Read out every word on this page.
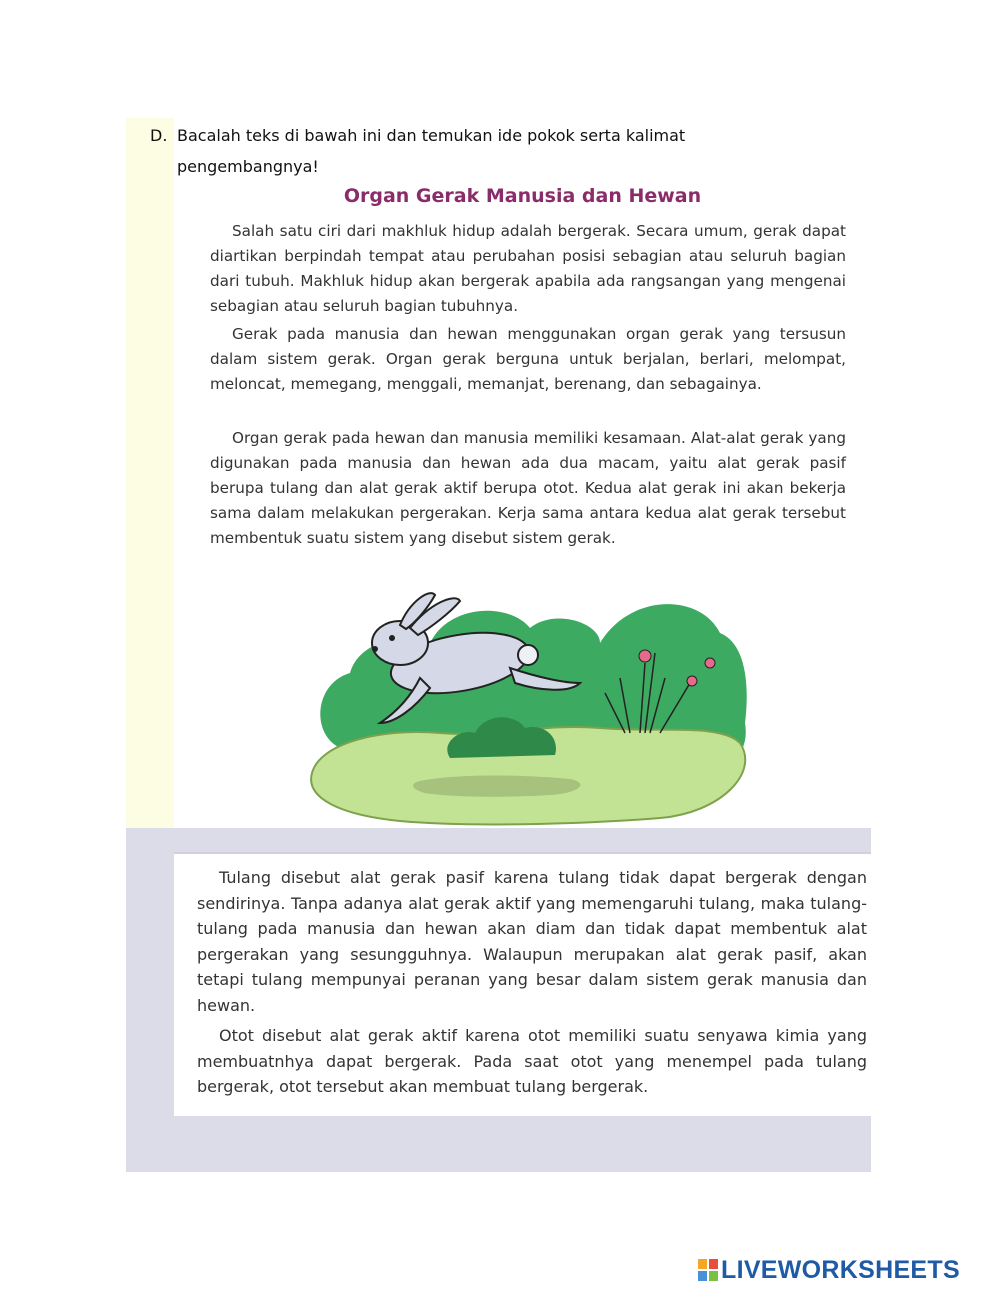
D. Bacalah teks di bawah ini dan temukan ide pokok serta kalimat
pengembangnya!
Organ Gerak Manusia dan Hewan

Salah satu ciri dari makhluk hidup adalah bergerak. Secara umum, gerak dapat diartikan berpindah tempat atau perubahan posisi sebagian atau seluruh bagian dari tubuh. Makhluk hidup akan bergerak apabila ada rangsangan yang mengenai sebagian atau seluruh bagian tubuhnya.

Gerak pada manusia dan hewan menggunakan organ gerak yang tersusun dalam sistem gerak. Organ gerak berguna untuk berjalan, berlari, melompat, meloncat, memegang, menggali, memanjat, berenang, dan sebagainya.

Organ gerak pada hewan dan manusia memiliki kesamaan. Alat-alat gerak yang digunakan pada manusia dan hewan ada dua macam, yaitu alat gerak pasif berupa tulang dan alat gerak aktif berupa otot. Kedua alat gerak ini akan bekerja sama dalam melakukan pergerakan. Kerja sama antara kedua alat gerak tersebut membentuk suatu sistem yang disebut sistem gerak.

Tulang disebut alat gerak pasif karena tulang tidak dapat bergerak dengan sendirinya. Tanpa adanya alat gerak aktif yang memengaruhi tulang, maka tulang-tulang pada manusia dan hewan akan diam dan tidak dapat membentuk alat pergerakan yang sesungguhnya. Walaupun merupakan alat gerak pasif, akan tetapi tulang mempunyai peranan yang besar dalam sistem gerak manusia dan hewan.

Otot disebut alat gerak aktif karena otot memiliki suatu senyawa kimia yang membuatnhya dapat bergerak. Pada saat otot yang menempel pada tulang bergerak, otot tersebut akan membuat tulang bergerak.

LIVEWORKSHEETS
